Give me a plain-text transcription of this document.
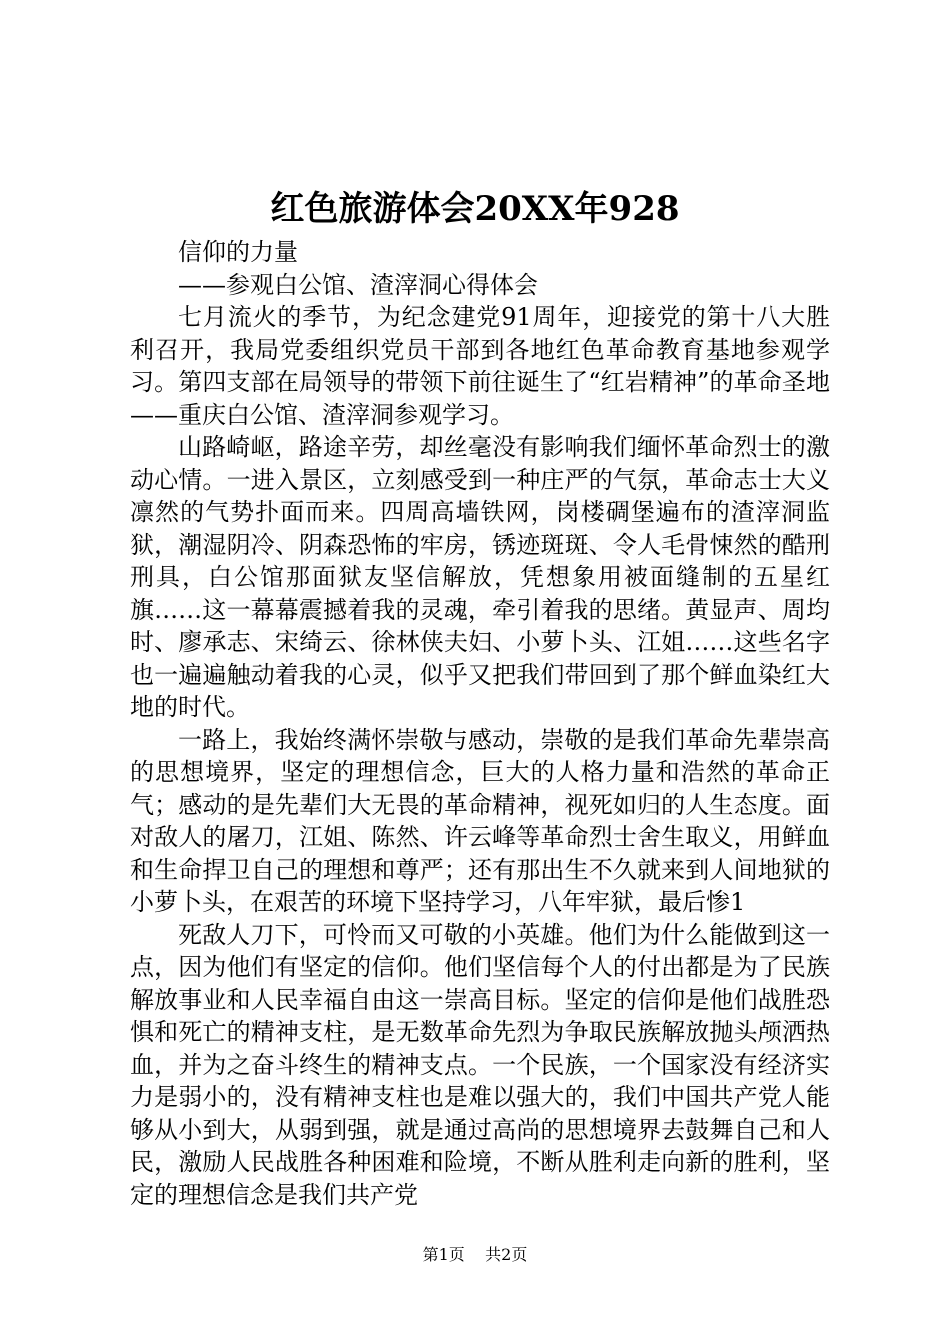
红色旅游体会20XX年928

信仰的力量

——参观白公馆、渣滓洞心得体会

七月流火的季节，为纪念建党91周年，迎接党的第十八大胜利召开，我局党委组织党员干部到各地红色革命教育基地参观学习。第四支部在局领导的带领下前往诞生了“红岩精神”的革命圣地——重庆白公馆、渣滓洞参观学习。

山路崎岖，路途辛劳，却丝毫没有影响我们缅怀革命烈士的激动心情。一进入景区，立刻感受到一种庄严的气氛，革命志士大义凛然的气势扑面而来。四周高墙铁网，岗楼碉堡遍布的渣滓洞监狱，潮湿阴冷、阴森恐怖的牢房，锈迹斑斑、令人毛骨悚然的酷刑刑具，白公馆那面狱友坚信解放，凭想象用被面缝制的五星红旗……这一幕幕震撼着我的灵魂，牵引着我的思绪。黄显声、周均时、廖承志、宋绮云、徐林侠夫妇、小萝卜头、江姐……这些名字也一遍遍触动着我的心灵，似乎又把我们带回到了那个鲜血染红大地的时代。

一路上，我始终满怀崇敬与感动，崇敬的是我们革命先辈崇高的思想境界，坚定的理想信念，巨大的人格力量和浩然的革命正气；感动的是先辈们大无畏的革命精神，视死如归的人生态度。面对敌人的屠刀，江姐、陈然、许云峰等革命烈士舍生取义，用鲜血和生命捍卫自己的理想和尊严；还有那出生不久就来到人间地狱的小萝卜头，在艰苦的环境下坚持学习，八年牢狱，最后惨1

死敌人刀下，可怜而又可敬的小英雄。他们为什么能做到这一点，因为他们有坚定的信仰。他们坚信每个人的付出都是为了民族解放事业和人民幸福自由这一崇高目标。坚定的信仰是他们战胜恐惧和死亡的精神支柱，是无数革命先烈为争取民族解放抛头颅洒热血，并为之奋斗终生的精神支点。一个民族，一个国家没有经济实力是弱小的，没有精神支柱也是难以强大的，我们中国共产党人能够从小到大，从弱到强，就是通过高尚的思想境界去鼓舞自己和人民，激励人民战胜各种困难和险境，不断从胜利走向新的胜利，坚定的理想信念是我们共产党

第1页 共2页
